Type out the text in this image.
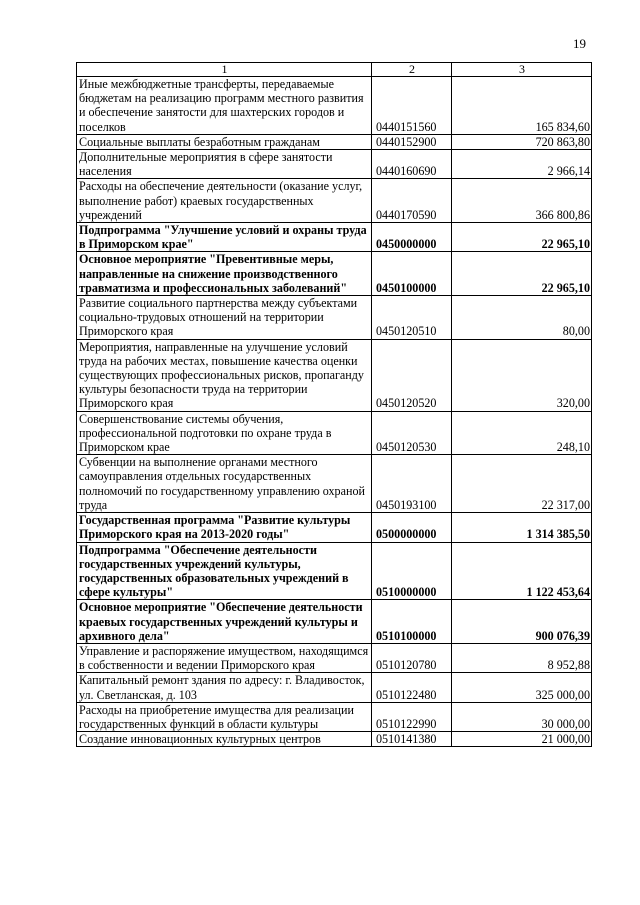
19
1	2	3
Иные межбюджетные трансферты, передаваемые бюджетам на реализацию программ местного развития и обеспечение занятости для шахтерских городов и поселков	0440151560	165 834,60
Социальные выплаты безработным гражданам	0440152900	720 863,80
Дополнительные мероприятия в сфере занятости населения	0440160690	2 966,14
Расходы на обеспечение деятельности (оказание услуг, выполнение работ) краевых государственных учреждений	0440170590	366 800,86
Подпрограмма "Улучшение условий и охраны труда в Приморском крае"	0450000000	22 965,10
Основное мероприятие "Превентивные меры, направленные на снижение производственного травматизма и профессиональных заболеваний"	0450100000	22 965,10
Развитие социального партнерства между субъектами социально-трудовых отношений на территории Приморского края	0450120510	80,00
Мероприятия, направленные на улучшение условий труда на рабочих местах, повышение качества оценки существующих профессиональных рисков, пропаганду культуры безопасности труда на территории Приморского края	0450120520	320,00
Совершенствование системы обучения, профессиональной подготовки по охране труда в Приморском крае	0450120530	248,10
Субвенции на выполнение органами местного самоуправления отдельных государственных полномочий по государственному управлению охраной труда	0450193100	22 317,00
Государственная программа "Развитие культуры Приморского края на 2013-2020 годы"	0500000000	1 314 385,50
Подпрограмма "Обеспечение деятельности государственных учреждений культуры, государственных образовательных учреждений в сфере культуры"	0510000000	1 122 453,64
Основное мероприятие "Обеспечение деятельности краевых государственных учреждений культуры и архивного дела"	0510100000	900 076,39
Управление и распоряжение имуществом, находящимся в собственности и ведении Приморского края	0510120780	8 952,88
Капитальный ремонт здания по адресу: г. Владивосток, ул. Светланская, д. 103	0510122480	325 000,00
Расходы на приобретение имущества для реализации государственных функций в области культуры	0510122990	30 000,00
Создание инновационных культурных центров	0510141380	21 000,00
